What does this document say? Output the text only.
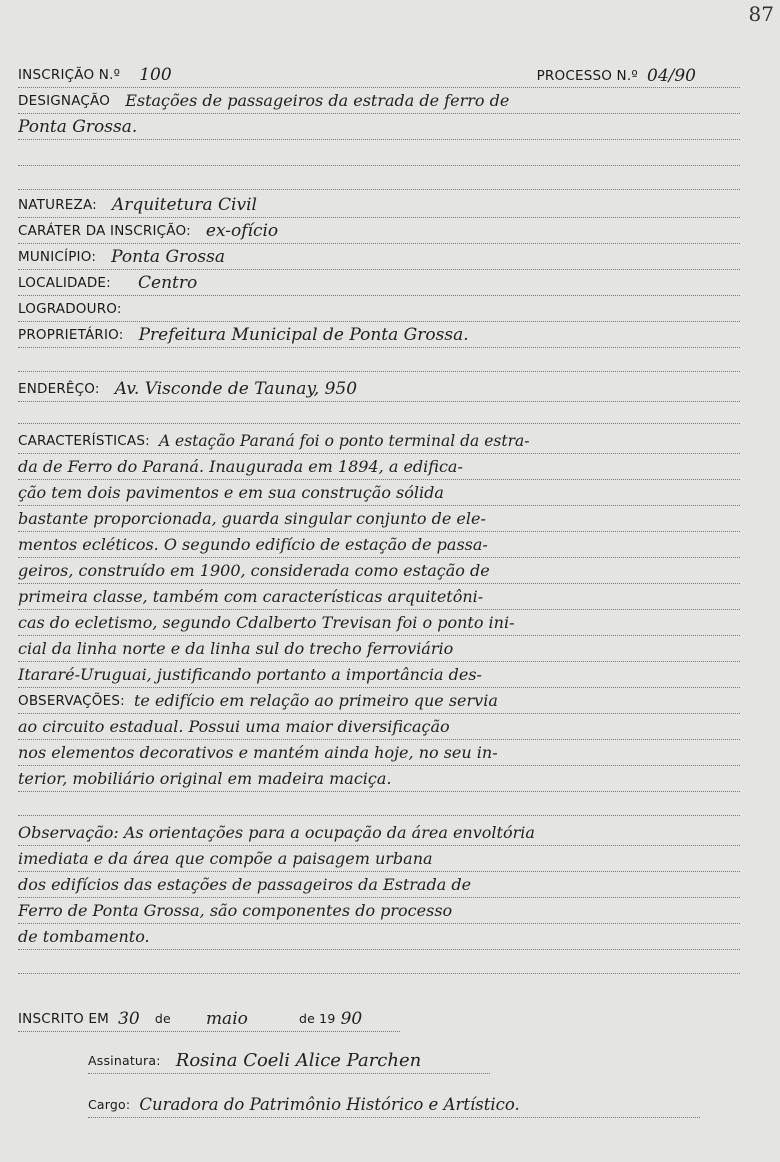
87
INSCRIÇÃO N.º 100	PROCESSO N.º 04/90
DESIGNAÇÃO Estações de passageiros da estrada de ferro de
Ponta Grossa.
NATUREZA: Arquitetura Civil
CARÁTER DA INSCRIÇÃO: ex-ofício
MUNICÍPIO: Ponta Grossa
LOCALIDADE: Centro
LOGRADOURO:
PROPRIETÁRIO: Prefeitura Municipal de Ponta Grossa.
ENDERÊÇO: Av. Visconde de Taunay, 950
CARACTERÍSTICAS: A estação Paraná foi o ponto terminal da estra-
da de Ferro do Paraná. Inaugurada em 1894, a edifica-
ção tem dois pavimentos e em sua construção sólida
bastante proporcionada, guarda singular conjunto de ele-
mentos ecléticos. O segundo edifício de estação de passa-
geiros, construído em 1900, considerada como estação de
primeira classe, também com características arquitetôni-
cas do ecletismo, segundo Cdalberto Trevisan foi o ponto ini-
cial da linha norte e da linha sul do trecho ferroviário
Itararé-Uruguai, justificando portanto a importância des-
OBSERVAÇÕES: te edifício em relação ao primeiro que servia
ao circuito estadual. Possui uma maior diversificação
nos elementos decorativos e mantém ainda hoje, no seu in-
terior, mobiliário original em madeira maciça.
Observação: As orientações para a ocupação da área envoltória
imediata e da área que compõe a paisagem urbana
dos edifícios das estações de passageiros da Estrada de
Ferro de Ponta Grossa, são componentes do processo
de tombamento.
INSCRITO EM 30 de maio	de 19 90
Assinatura: Rosina Coeli Alice Parchen
Cargo: Curadora do Patrimônio Histórico e Artístico.
